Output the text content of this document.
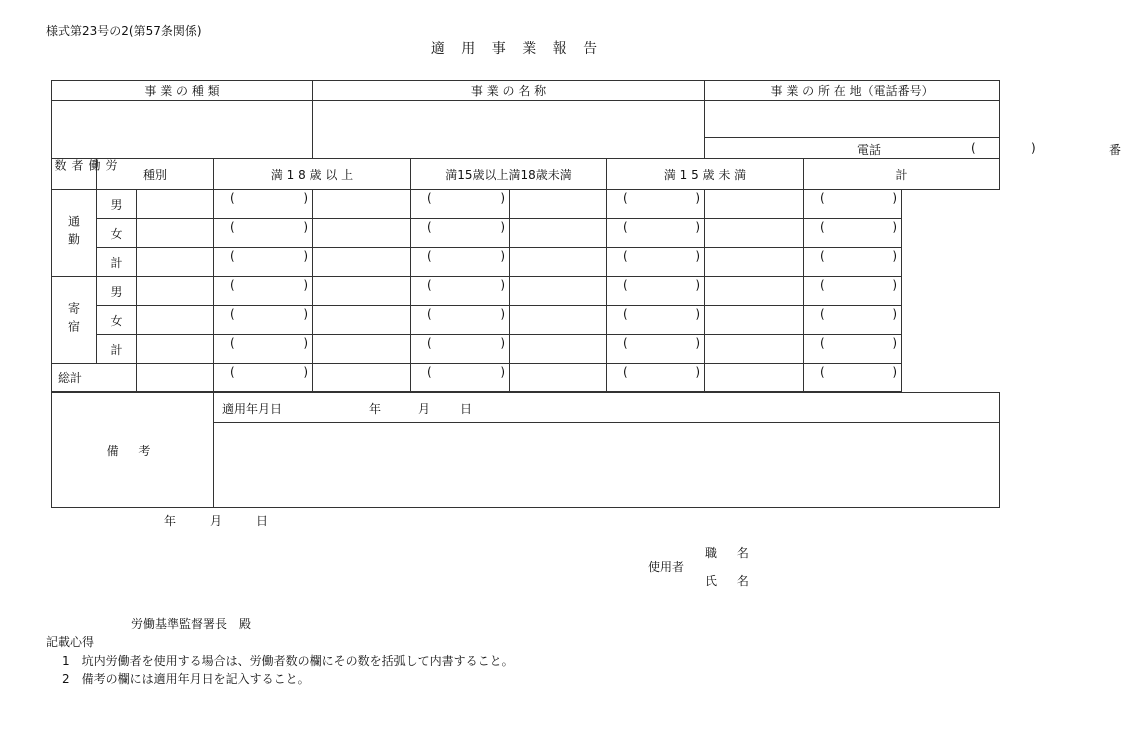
様式第23号の2(第57条関係)
適 用 事 業 報 告
事 業 の 種 類				事 業 の 名 称				事 業 の 所 在 地（電話番号）	

								電話 ( ) 番	

労働者数	種別		満 1 8 歳 以 上		満15歳以上満18歳未満		満 1 5 歳 未 満		計

通勤	男		( )		( )		( )		( )

	女		( )		( )		( )		( )

	計		( )		( )		( )		( )

寄宿	男		( )		( )		( )		( )

	女		( )		( )		( )		( )

	計		( )		( )		( )		( )

総計			( )		( )		( )		( )
備 考	
適用年月日	年	月 日

年	月	日
使用者
職 名
氏 名
労働基準監督署長　殿
記載心得
1　坑内労働者を使用する場合は、労働者数の欄にその数を括弧して内書すること。
2　備考の欄には適用年月日を記入すること。
